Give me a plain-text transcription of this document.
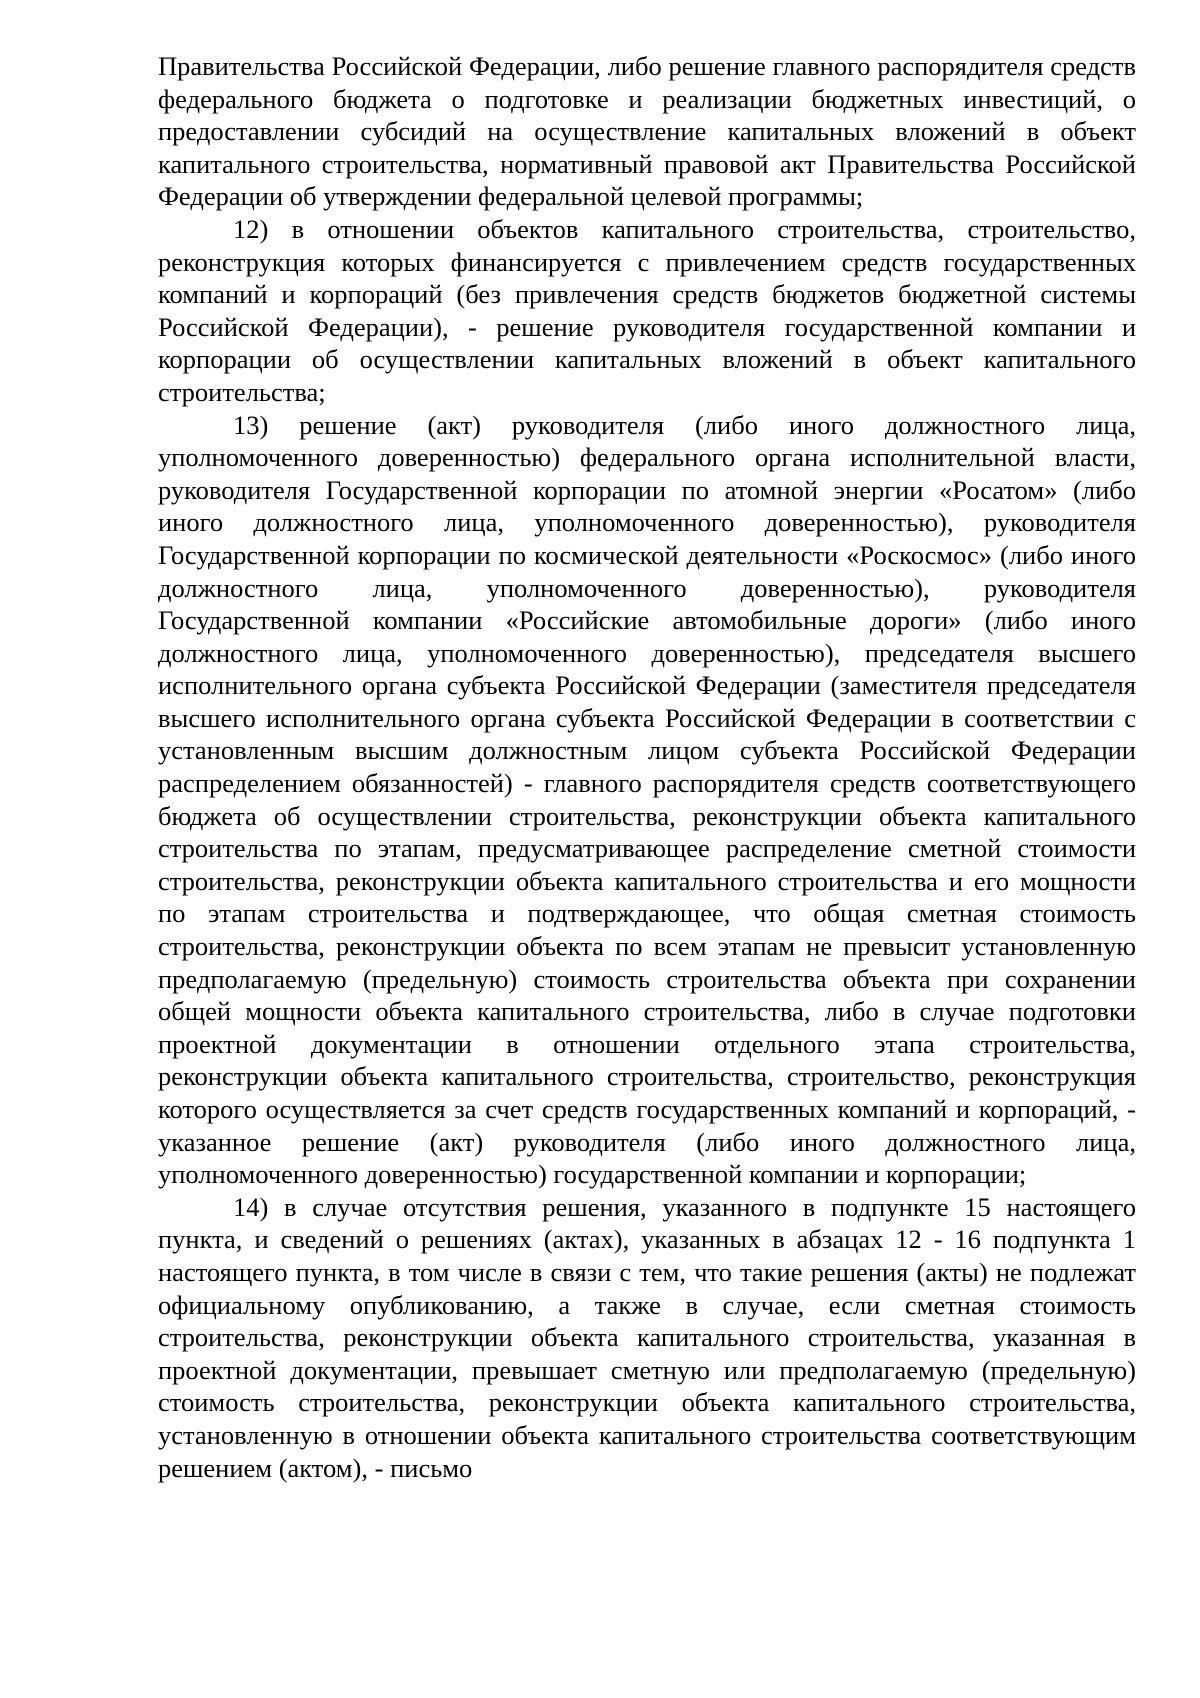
Правительства Российской Федерации, либо решение главного распорядителя средств федерального бюджета о подготовке и реализации бюджетных инвестиций, о предоставлении субсидий на осуществление капитальных вложений в объект капитального строительства, нормативный правовой акт Правительства Российской Федерации об утверждении федеральной целевой программы;

12) в отношении объектов капитального строительства, строительство, реконструкция которых финансируется с привлечением средств государственных компаний и корпораций (без привлечения средств бюджетов бюджетной системы Российской Федерации), - решение руководителя государственной компании и корпорации об осуществлении капитальных вложений в объект капитального строительства;

13) решение (акт) руководителя (либо иного должностного лица, уполномоченного доверенностью) федерального органа исполнительной власти, руководителя Государственной корпорации по атомной энергии «Росатом» (либо иного должностного лица, уполномоченного доверенностью), руководителя Государственной корпорации по космической деятельности «Роскосмос» (либо иного должностного лица, уполномоченного доверенностью), руководителя Государственной компании «Российские автомобильные дороги» (либо иного должностного лица, уполномоченного доверенностью), председателя высшего исполнительного органа субъекта Российской Федерации (заместителя председателя высшего исполнительного органа субъекта Российской Федерации в соответствии с установленным высшим должностным лицом субъекта Российской Федерации распределением обязанностей) - главного распорядителя средств соответствующего бюджета об осуществлении строительства, реконструкции объекта капитального строительства по этапам, предусматривающее распределение сметной стоимости строительства, реконструкции объекта капитального строительства и его мощности по этапам строительства и подтверждающее, что общая сметная стоимость строительства, реконструкции объекта по всем этапам не превысит установленную предполагаемую (предельную) стоимость строительства объекта при сохранении общей мощности объекта капитального строительства, либо в случае подготовки проектной документации в отношении отдельного этапа строительства, реконструкции объекта капитального строительства, строительство, реконструкция которого осуществляется за счет средств государственных компаний и корпораций, - указанное решение (акт) руководителя (либо иного должностного лица, уполномоченного доверенностью) государственной компании и корпорации;

14) в случае отсутствия решения, указанного в подпункте 15 настоящего пункта, и сведений о решениях (актах), указанных в абзацах 12 - 16 подпункта 1 настоящего пункта, в том числе в связи с тем, что такие решения (акты) не подлежат официальному опубликованию, а также в случае, если сметная стоимость строительства, реконструкции объекта капитального строительства, указанная в проектной документации, превышает сметную или предполагаемую (предельную) стоимость строительства, реконструкции объекта капитального строительства, установленную в отношении объекта капитального строительства соответствующим решением (актом), - письмо
